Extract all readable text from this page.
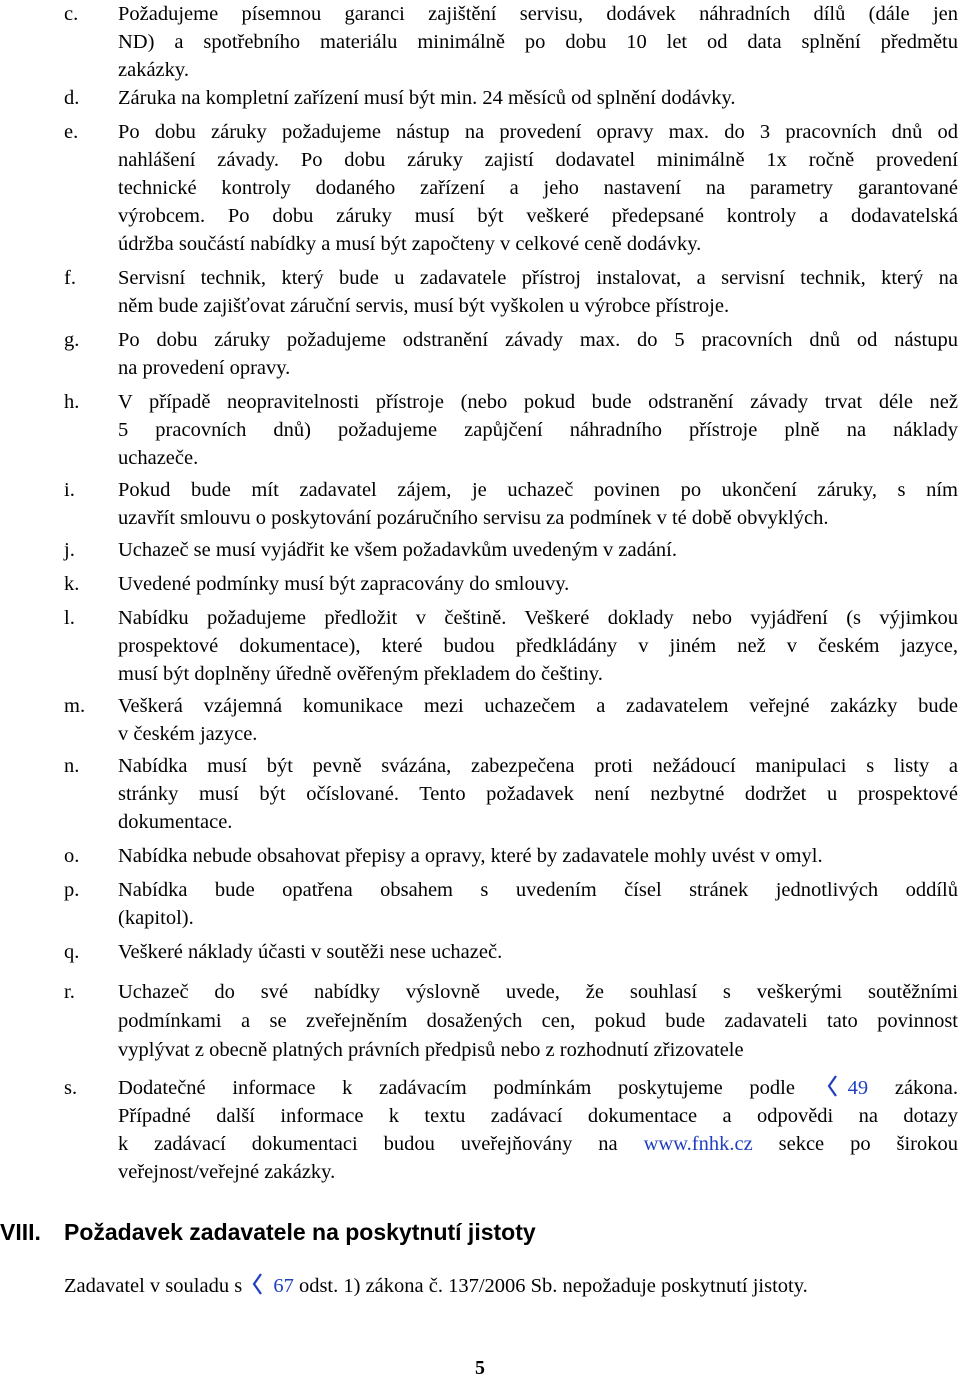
c. Požadujeme písemnou garanci zajištění servisu, dodávek náhradních dílů (dále jen
ND) a spotřebního materiálu minimálně po dobu 10 let od data splnění předmětu
zakázky.
d. Záruka na kompletní zařízení musí být min. 24 měsíců od splnění dodávky.
e. Po dobu záruky požadujeme nástup na provedení opravy max. do 3 pracovních dnů od
nahlášení závady. Po dobu záruky zajistí dodavatel minimálně 1x ročně provedení
technické kontroly dodaného zařízení a jeho nastavení na parametry garantované
výrobcem. Po dobu záruky musí být veškeré předepsané kontroly a dodavatelská
údržba součástí nabídky a musí být započteny v celkové ceně dodávky.
f. Servisní technik, který bude u zadavatele přístroj instalovat, a servisní technik, který na
něm bude zajišťovat záruční servis, musí být vyškolen u výrobce přístroje.
g. Po dobu záruky požadujeme odstranění závady max. do 5 pracovních dnů od nástupu
na provedení opravy.
h. V případě neopravitelnosti přístroje (nebo pokud bude odstranění závady trvat déle než
5 pracovních dnů) požadujeme zapůjčení náhradního přístroje plně na náklady
uchazeče.
i. Pokud bude mít zadavatel zájem, je uchazeč povinen po ukončení záruky, s ním
uzavřít smlouvu o poskytování pozáručního servisu za podmínek v té době obvyklých.
j. Uchazeč se musí vyjádřit ke všem požadavkům uvedeným v zadání.
k. Uvedené podmínky musí být zapracovány do smlouvy.
l. Nabídku požadujeme předložit v češtině. Veškeré doklady nebo vyjádření (s výjimkou
prospektové dokumentace), které budou předkládány v jiném než v českém jazyce,
musí být doplněny úředně ověřeným překladem do češtiny.
m. Veškerá vzájemná komunikace mezi uchazečem a zadavatelem veřejné zakázky bude
v českém jazyce.
n. Nabídka musí být pevně svázána, zabezpečena proti nežádoucí manipulaci s listy a
stránky musí být očíslované. Tento požadavek není nezbytné dodržet u prospektové
dokumentace.
o. Nabídka nebude obsahovat přepisy a opravy, které by zadavatele mohly uvést v omyl.
p. Nabídka bude opatřena obsahem s uvedením čísel stránek jednotlivých oddílů
(kapitol).
q. Veškeré náklady účasti v soutěži nese uchazeč.
r. Uchazeč do své nabídky výslovně uvede, že souhlasí s veškerými soutěžními
podmínkami a se zveřejněním dosažených cen, pokud bude zadavateli tato povinnost
vyplývat z obecně platných právních předpisů nebo z rozhodnutí zřizovatele
s. Dodatečné informace k zadávacím podmínkám poskytujeme podle	49 zákona.
Případné další informace k textu zadávací dokumentace a odpovědi na dotazy
k zadávací dokumentaci budou uveřejňovány na www.fnhk.cz sekce po širokou
veřejnost/veřejné zakázky.
VIII. Požadavek zadavatele na poskytnutí jistoty
Zadavatel v souladu s 67 odst. 1) zákona č. 137/2006 Sb. nepožaduje poskytnutí jistoty.
5
